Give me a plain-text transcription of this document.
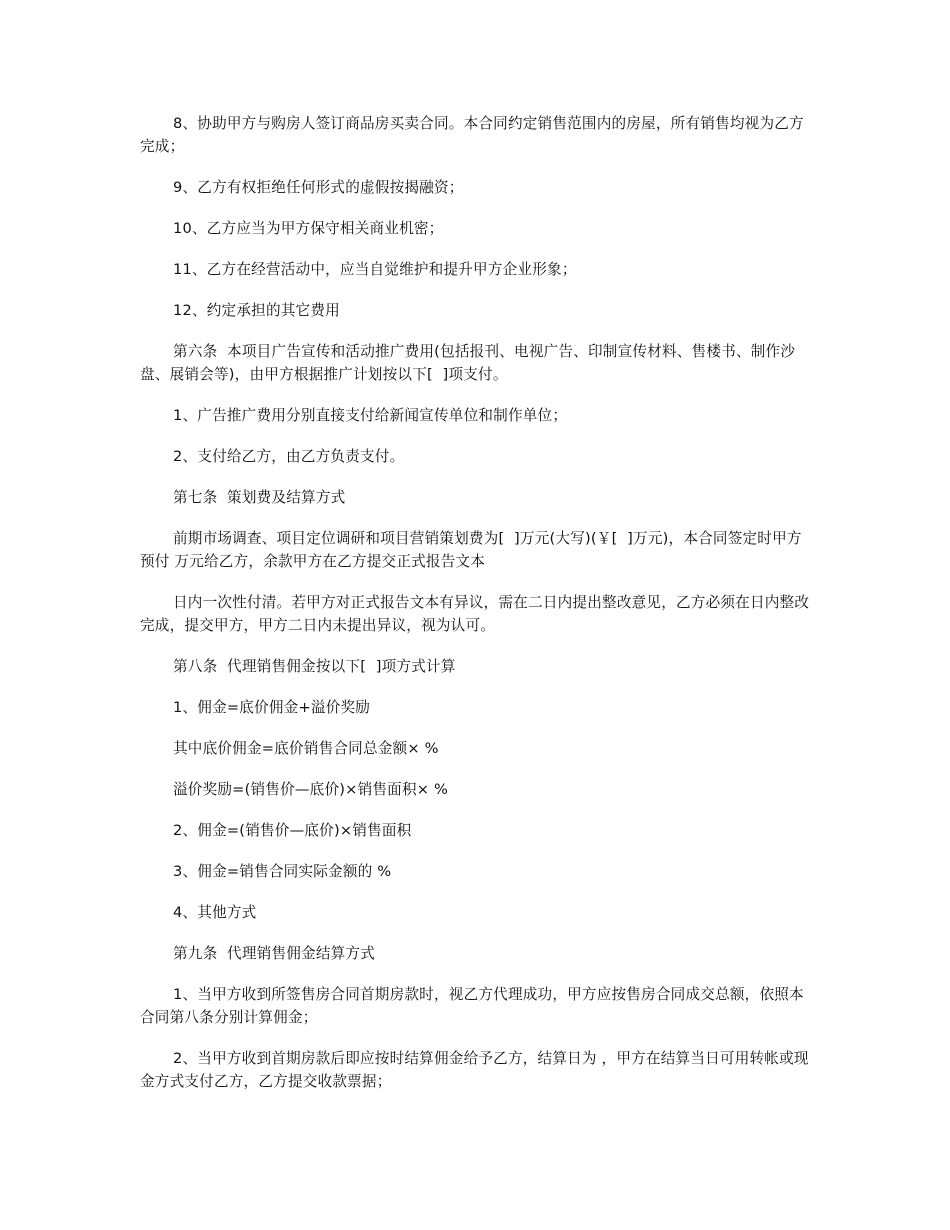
8、协助甲方与购房人签订商品房买卖合同。本合同约定销售范围内的房屋，所有销售均视为乙方完成；

9、乙方有权拒绝任何形式的虚假按揭融资；

10、乙方应当为甲方保守相关商业机密；

11、乙方在经营活动中，应当自觉维护和提升甲方企业形象；

12、约定承担的其它费用

第六条  本项目广告宣传和活动推广费用(包括报刊、电视广告、印制宣传材料、售楼书、制作沙盘、展销会等)，由甲方根据推广计划按以下[  ]项支付。

1、广告推广费用分别直接支付给新闻宣传单位和制作单位；

2、支付给乙方，由乙方负责支付。

第七条  策划费及结算方式

前期市场调查、项目定位调研和项目营销策划费为[  ]万元(大写)(￥[  ]万元)，本合同签定时甲方预付 万元给乙方，余款甲方在乙方提交正式报告文本

日内一次性付清。若甲方对正式报告文本有异议，需在二日内提出整改意见，乙方必须在日内整改完成，提交甲方，甲方二日内未提出异议，视为认可。

第八条  代理销售佣金按以下[  ]项方式计算

1、佣金=底价佣金+溢价奖励

其中底价佣金=底价销售合同总金额× %

溢价奖励=(销售价—底价)×销售面积× %

2、佣金=(销售价—底价)×销售面积

3、佣金=销售合同实际金额的 %

4、其他方式

第九条  代理销售佣金结算方式

1、当甲方收到所签售房合同首期房款时，视乙方代理成功，甲方应按售房合同成交总额，依照本合同第八条分别计算佣金；

2、当甲方收到首期房款后即应按时结算佣金给予乙方，结算日为 ，甲方在结算当日可用转帐或现金方式支付乙方，乙方提交收款票据；
